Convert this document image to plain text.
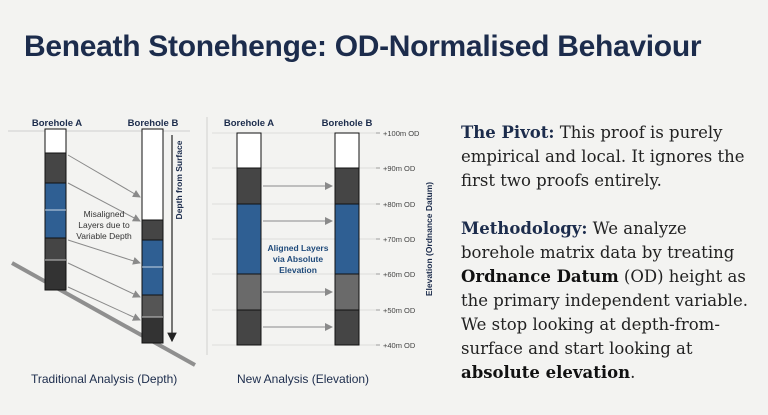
Beneath Stonehenge: OD-Normalised Behaviour
Borehole A	Borehole B
Misaligned
Layers due to
Variable Depth
Depth from Surface
Borehole A	Borehole B
Aligned Layers
via Absolute
Elevation
+100m OD
+90m OD
+80m OD
+70m OD
+60m OD
+50m OD
+40m OD
Elevation (Ordnance Datum)
Traditional Analysis (Depth)	New Analysis (Elevation)

The Pivot: This proof is purely empirical and local. It ignores the first two proofs entirely.

Methodology: We analyze borehole matrix data by treating Ordnance Datum (OD) height as the primary independent variable. We stop looking at depth-from-surface and start looking at absolute elevation.
